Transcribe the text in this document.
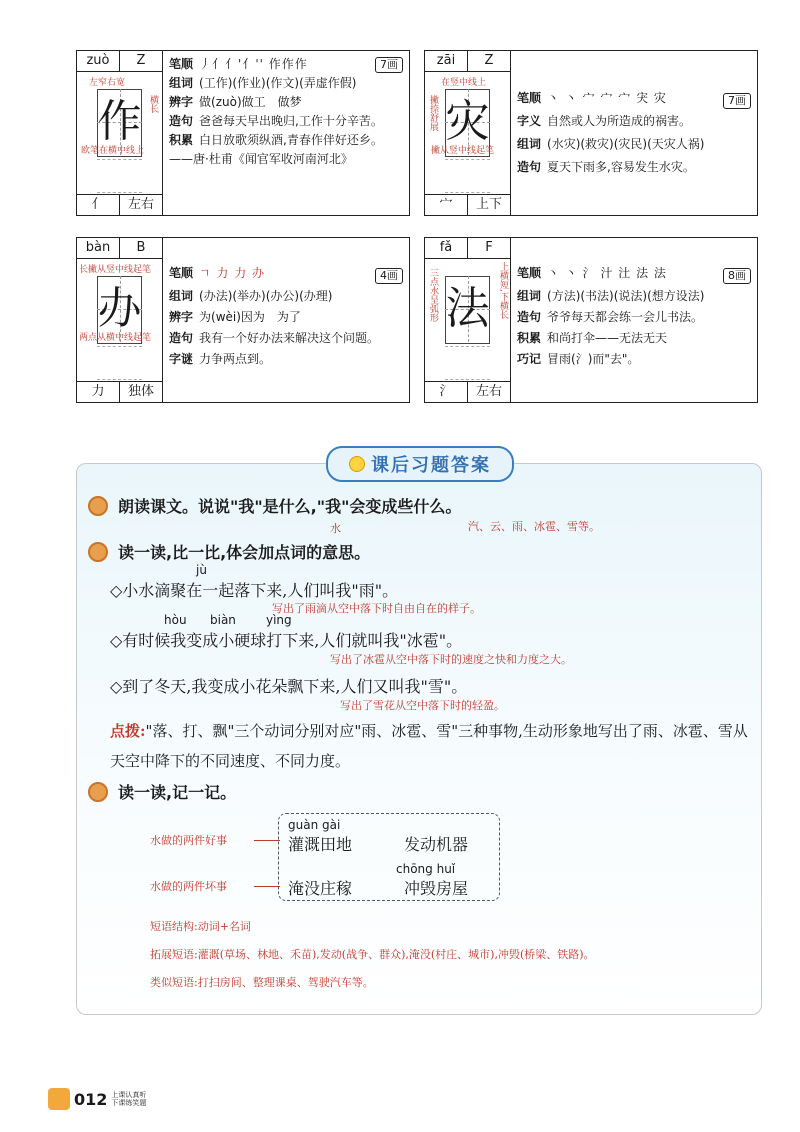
zuò	Z
作
左窄右宽
欧笔在横中线上
横长
亻	左右
笔顺 丿亻亻'亻'' 作作作
组词 (工作)(作业)(作文)(弄虚作假)
辨字 做(zuò)做工　做梦
造句 爸爸每天早出晚归,工作十分辛苦。
积累 白日放歌须纵酒,青春作伴好还乡。——唐·杜甫《闻官军收河南河北》
7画	zāi	Z
灾
在竖中线上
撇从竖中线起笔
撇捺舒展
宀	上下
笔顺 丶 丶 宀 宀 宀 宊 灾
字义 自然或人为所造成的祸害。
组词 (水灾)(救灾)(灾民)(天灾人祸)
造句 夏天下雨多,容易发生水灾。
7画
bàn	B
办
长撇从竖中线起笔
两点从横中线起笔
力	独体
笔顺 ㄱ 力 力 办
组词 (办法)(举办)(办公)(办理)
辨字 为(wèi)因为　为了
造句 我有一个好办法来解决这个问题。
字谜 力争两点到。
4画
fǎ	F
法
三点水呈弧形	上横短,下横长
氵	左右
笔顺 丶 丶 氵 汁 汢 法 法
组词 (方法)(书法)(说法)(想方设法)
造句 爷爷每天都会练一会儿书法。
积累 和尚打伞——无法无天
巧记 冒雨(氵)而"去"。
8画
课后习题答案
朗读课文。说说"我"是什么,"我"会变成些什么。
水	汽、云、雨、冰雹、雪等。
读一读,比一比,体会加点词的意思。
jù
◇小水滴聚在一起落下来,人们叫我"雨"。
写出了雨滴从空中落下时自由自在的样子。
hòu biàn	yìng
◇有时候我变成小硬球打下来,人们就叫我"冰雹"。
写出了冰雹从空中落下时的速度之快和力度之大。
◇到了冬天,我变成小花朵飘下来,人们又叫我"雪"。
写出了雪花从空中落下时的轻盈。
点拨:"落、打、飘"三个动词分别对应"雨、冰雹、雪"三种事物,生动形象地写出了雨、冰雹、雪从天空中降下的不同速度、不同力度。
读一读,记一记。
水做的两件好事
水做的两件坏事
guàn gài
灌溉田地	发动机器
chōng huǐ
淹没庄稼	冲毁房屋
短语结构:动词+名词
拓展短语:灌溉(草场、林地、禾苗),发动(战争、群众),淹没(村庄、城市),冲毁(桥梁、铁路)。
类似短语:打扫房间、整理课桌、驾驶汽车等。
012 上课认真听
下课练笑题
